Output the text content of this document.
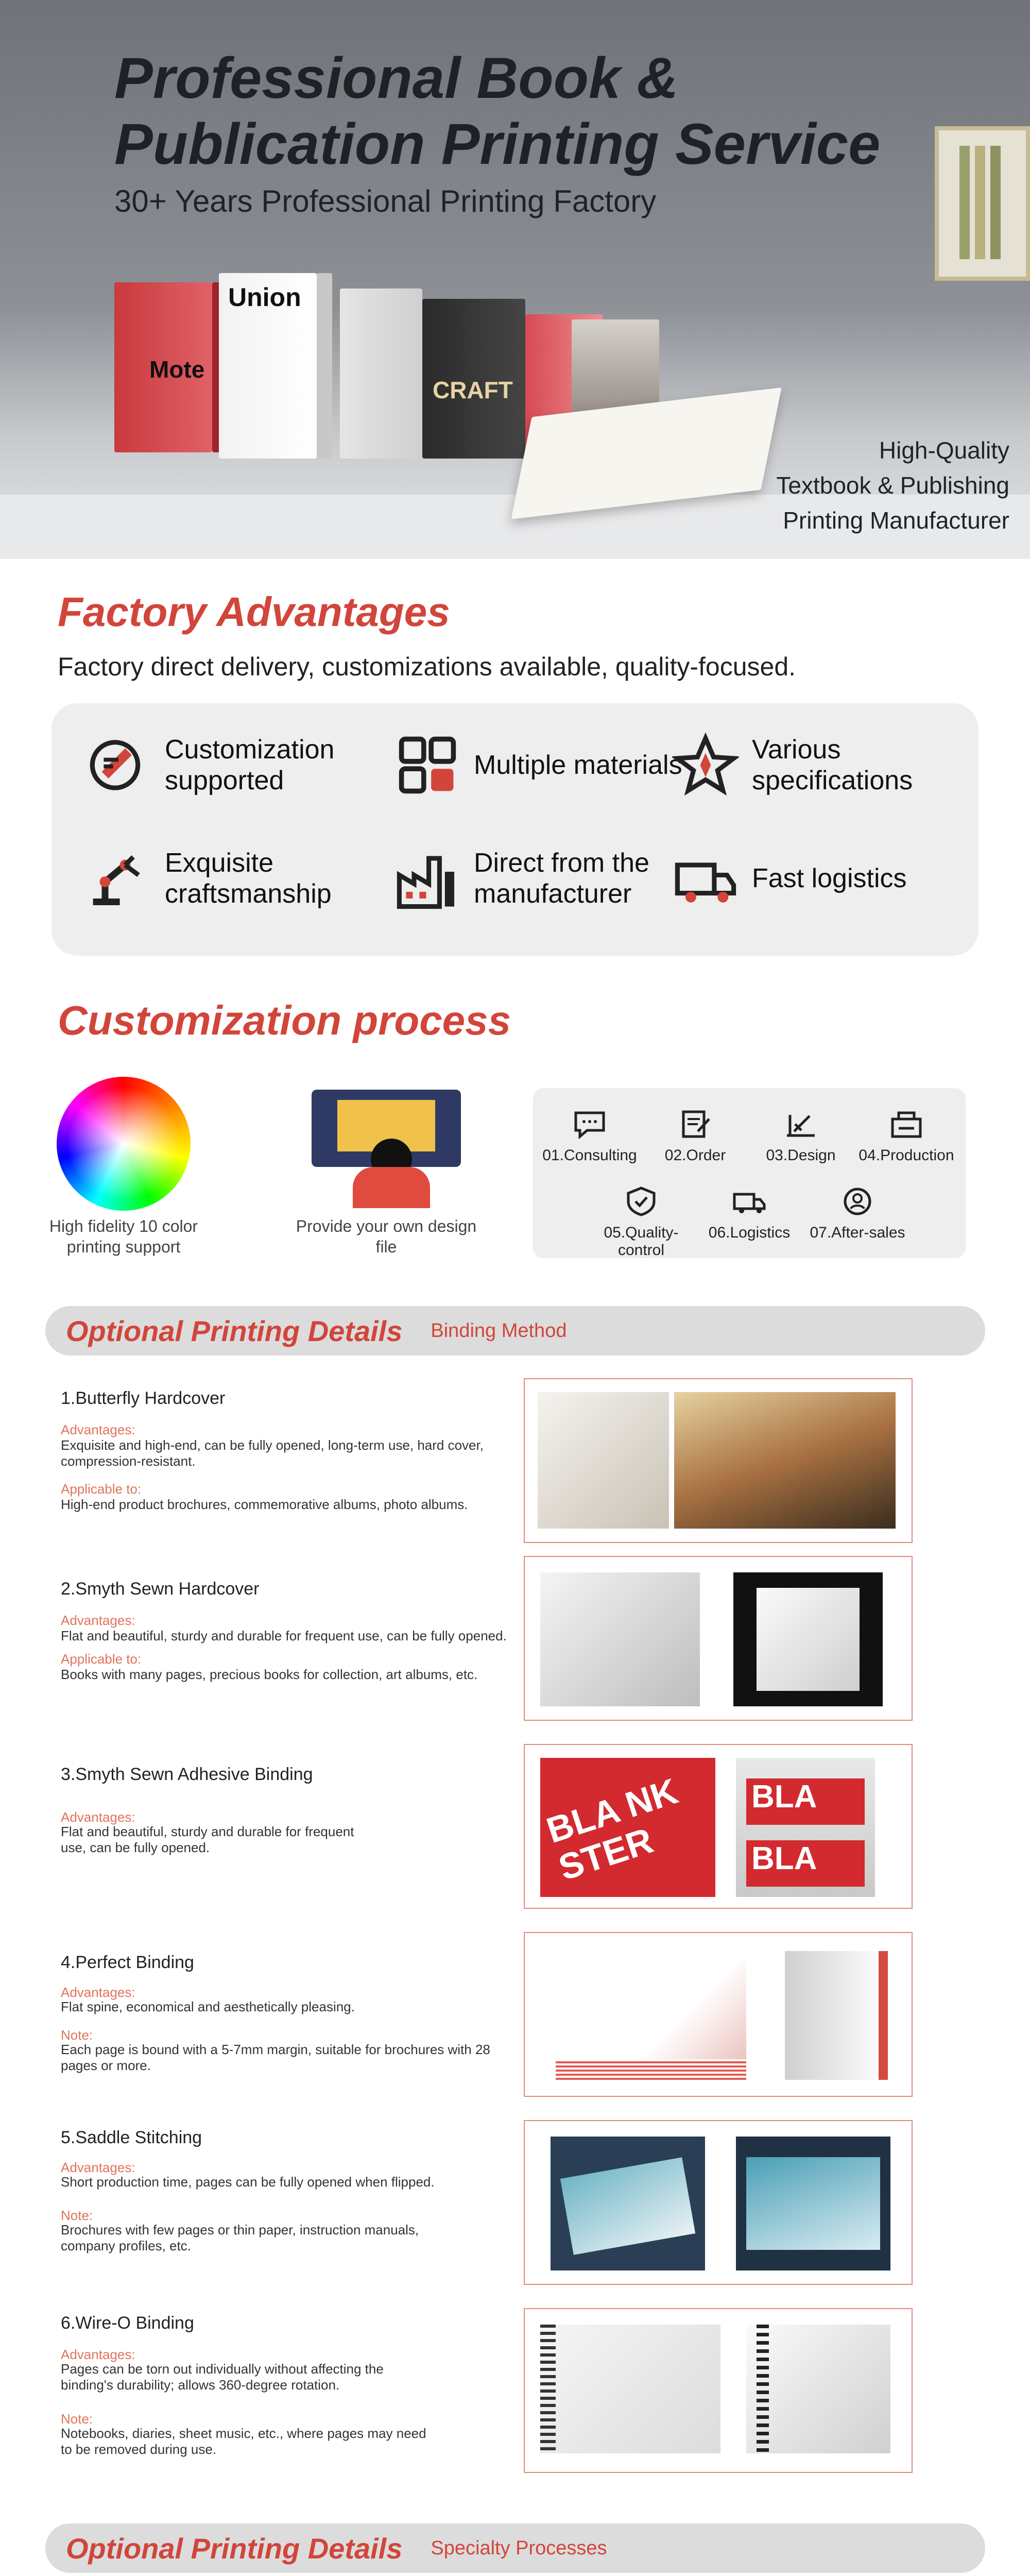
Professional Book & Publication Printing Service
30+ Years Professional Printing Factory
Union
CRAFT
Mote
High-Quality
Textbook & Publishing
Printing Manufacturer
Factory Advantages
Factory direct delivery, customizations available, quality-focused.
Customization supported
Multiple materials
Various specifications
Exquisite craftsmanship
Direct from the manufacturer
Fast logistics
Customization process
High fidelity 10 color printing support
Provide your own design file
01.Consulting	02.Order	03.Design	04.Production
05.Quality-control
06.Logistics	07.After-sales
Optional Printing Details Binding Method
1.Butterfly Hardcover
Advantages:
Exquisite and high-end, can be fully opened, long-term use, hard cover, compression-resistant.
Applicable to:
High-end product brochures, commemorative albums, photo albums.
2.Smyth Sewn Hardcover
Advantages:
Flat and beautiful, sturdy and durable for frequent use, can be fully opened.
Applicable to:
Books with many pages, precious books for collection, art albums, etc.
3.Smyth Sewn Adhesive Binding
Advantages:
Flat and beautiful, sturdy and durable for frequent use, can be fully opened.	BLA NK STER
BLA
BLA
4.Perfect Binding
Advantages:
Flat spine, economical and aesthetically pleasing.
Note:
Each page is bound with a 5-7mm margin, suitable for brochures with 28 pages or more.
5.Saddle Stitching
Advantages:
Short production time, pages can be fully opened when flipped.
Note:
Brochures with few pages or thin paper, instruction manuals, company profiles, etc.
6.Wire-O Binding
Advantages:
Pages can be torn out individually without affecting the binding's durability; allows 360-degree rotation.
Note:
Notebooks, diaries, sheet music, etc., where pages may need to be removed during use.
Optional Printing Details Specialty Processes
